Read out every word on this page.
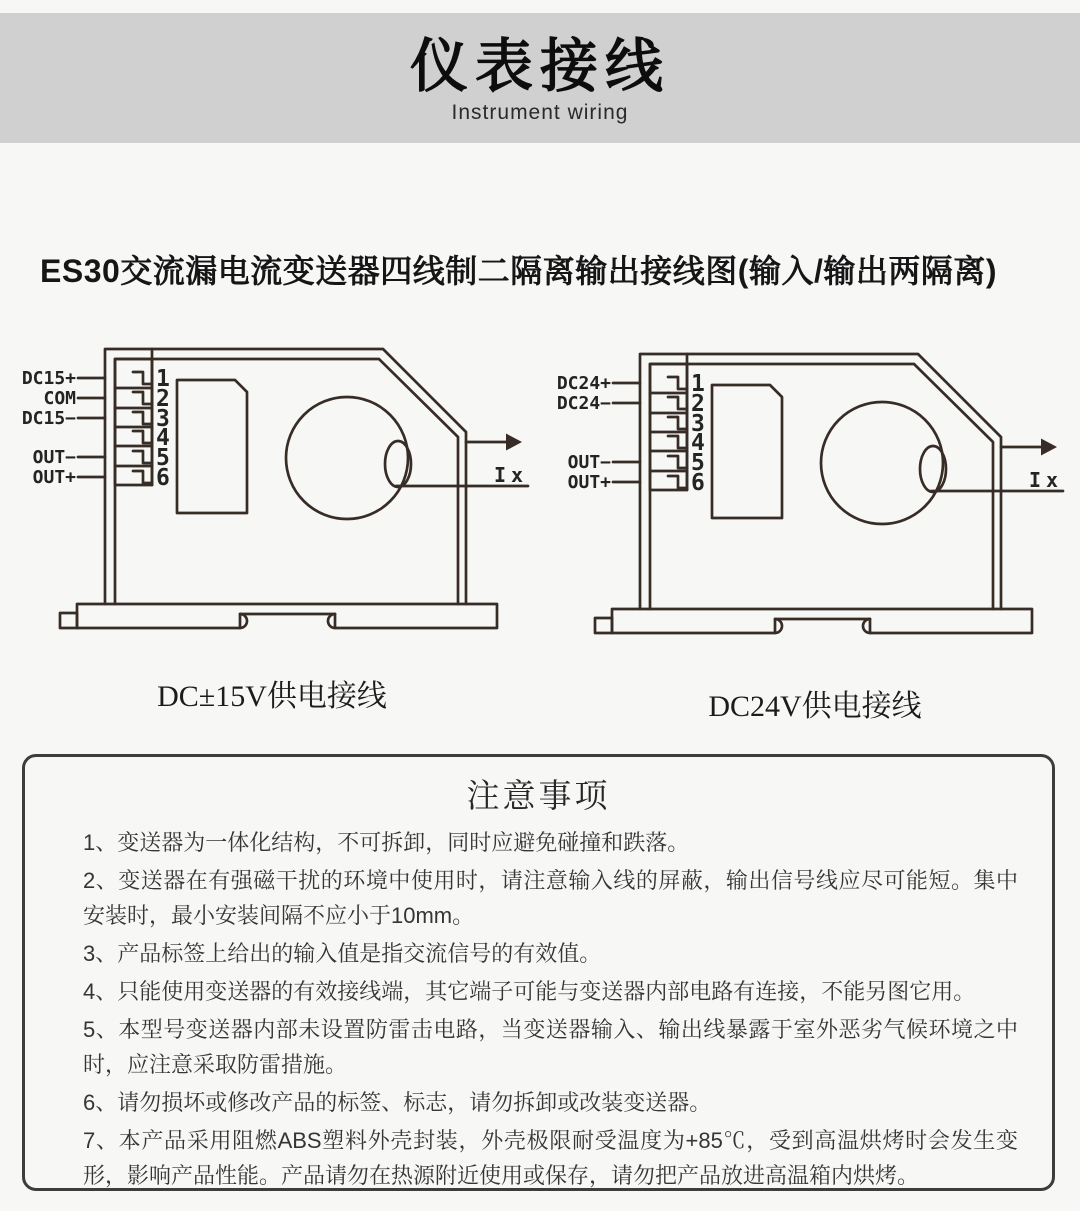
仪表接线
Instrument wiring
ES30交流漏电流变送器四线制二隔离输出接线图(输入/输出两隔离)
DC15+
COM
DC15−
OUT−
OUT+
1
2
3
4
5
6	Ix
DC24+
DC24−
OUT−
OUT+
1
2
3
4
5
6	Ix
DC±15V供电接线	DC24V供电接线
注意事项

1、变送器为一体化结构，不可拆卸，同时应避免碰撞和跌落。

2、变送器在有强磁干扰的环境中使用时，请注意输入线的屏蔽，输出信号线应尽可能短。集中安装时，最小安装间隔不应小于10mm。

3、产品标签上给出的输入值是指交流信号的有效值。

4、只能使用变送器的有效接线端，其它端子可能与变送器内部电路有连接，不能另图它用。

5、本型号变送器内部未设置防雷击电路，当变送器输入、输出线暴露于室外恶劣气候环境之中时，应注意采取防雷措施。

6、请勿损坏或修改产品的标签、标志，请勿拆卸或改装变送器。

7、本产品采用阻燃ABS塑料外壳封装，外壳极限耐受温度为+85℃，受到高温烘烤时会发生变形，影响产品性能。产品请勿在热源附近使用或保存，请勿把产品放进高温箱内烘烤。
